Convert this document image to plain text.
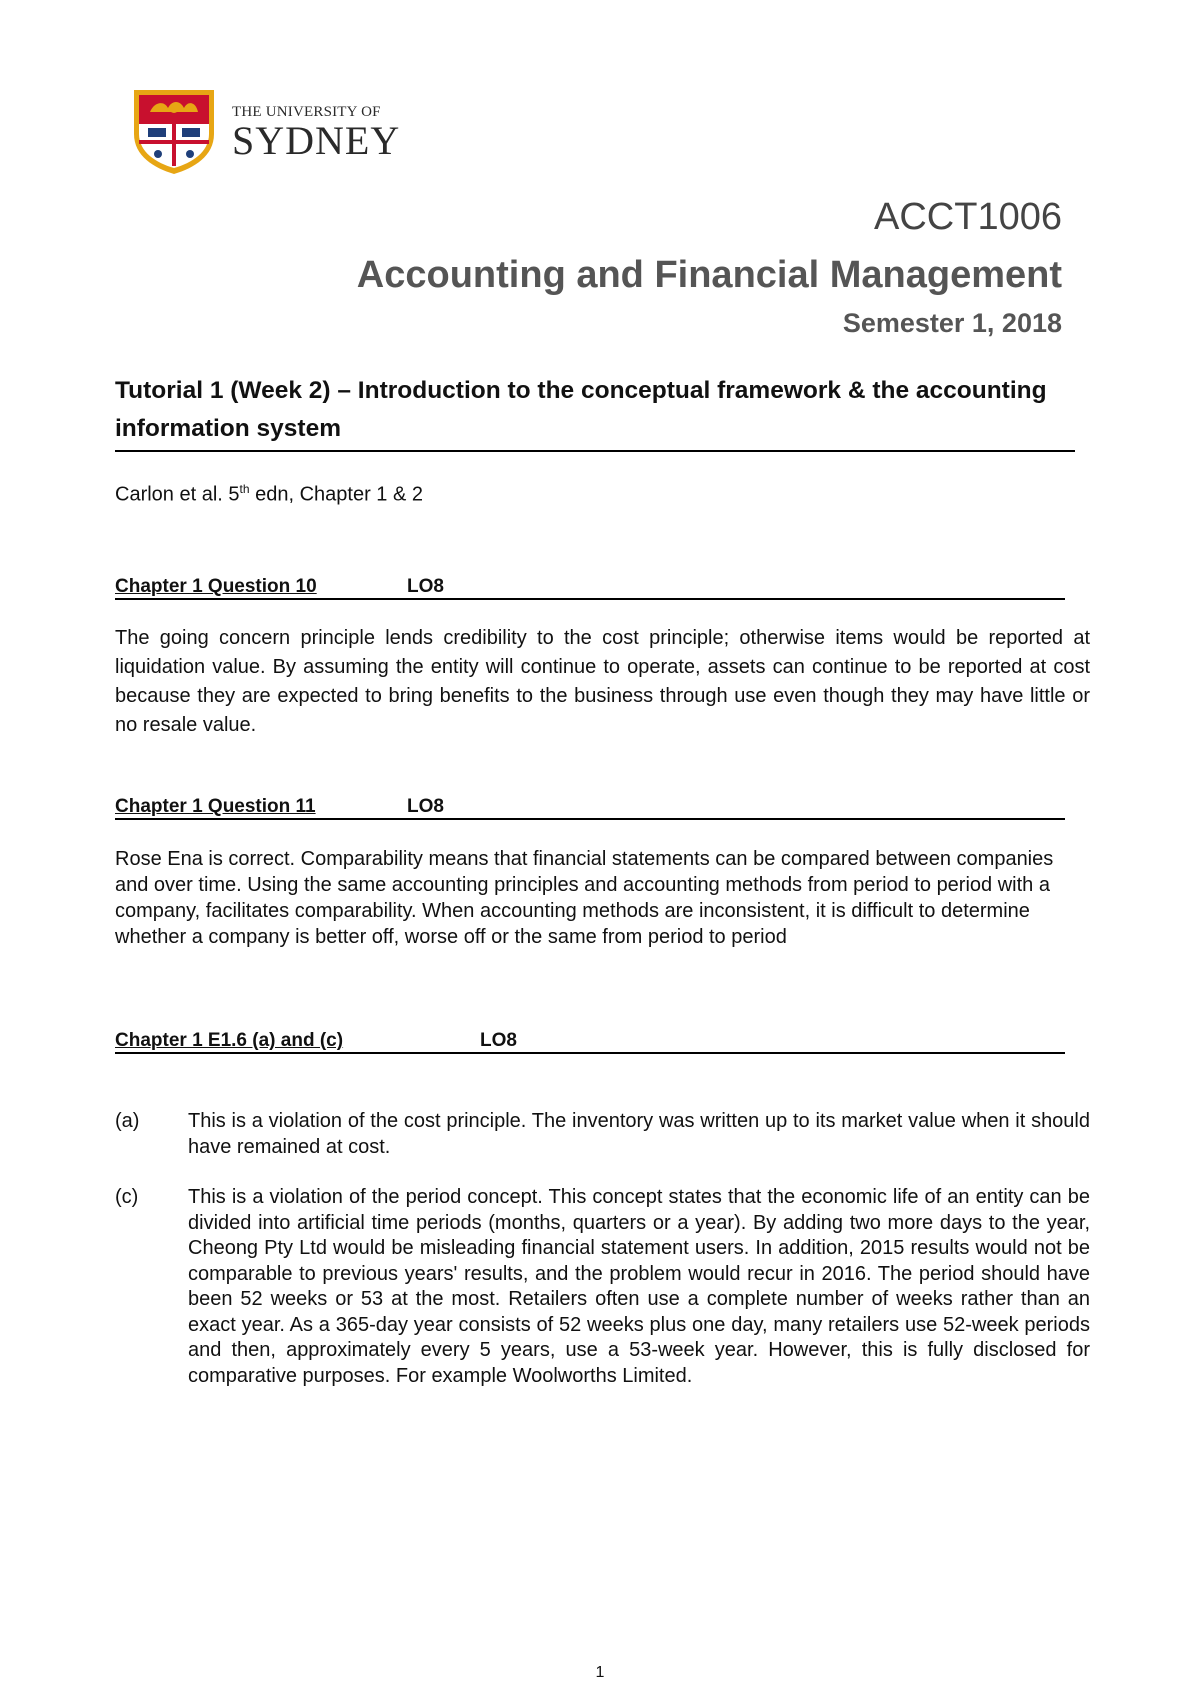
THE UNIVERSITY OF
SYDNEY
ACCT1006
Accounting and Financial Management
Semester 1, 2018
Tutorial 1 (Week 2) – Introduction to the conceptual framework & the accounting information system
Carlon et al. 5th edn, Chapter 1 & 2
Chapter 1 Question 10	LO8
The going concern principle lends credibility to the cost principle; otherwise items would be reported at liquidation value. By assuming the entity will continue to operate, assets can continue to be reported at cost because they are expected to bring benefits to the business through use even though they may have little or no resale value.
Chapter 1 Question 11	LO8
Rose Ena is correct. Comparability means that financial statements can be compared between companies and over time. Using the same accounting principles and accounting methods from period to period with a company, facilitates comparability. When accounting methods are inconsistent, it is difficult to determine whether a company is better off, worse off or the same from period to period
Chapter 1 E1.6 (a) and (c)	LO8
(a) This is a violation of the cost principle. The inventory was written up to its market value when it should have remained at cost.
(c) This is a violation of the period concept. This concept states that the economic life of an entity can be divided into artificial time periods (months, quarters or a year). By adding two more days to the year, Cheong Pty Ltd would be misleading financial statement users. In addition, 2015 results would not be comparable to previous years' results, and the problem would recur in 2016. The period should have been 52 weeks or 53 at the most. Retailers often use a complete number of weeks rather than an exact year. As a 365-day year consists of 52 weeks plus one day, many retailers use 52-week periods and then, approximately every 5 years, use a 53-week year. However, this is fully disclosed for comparative purposes. For example Woolworths Limited.
1
